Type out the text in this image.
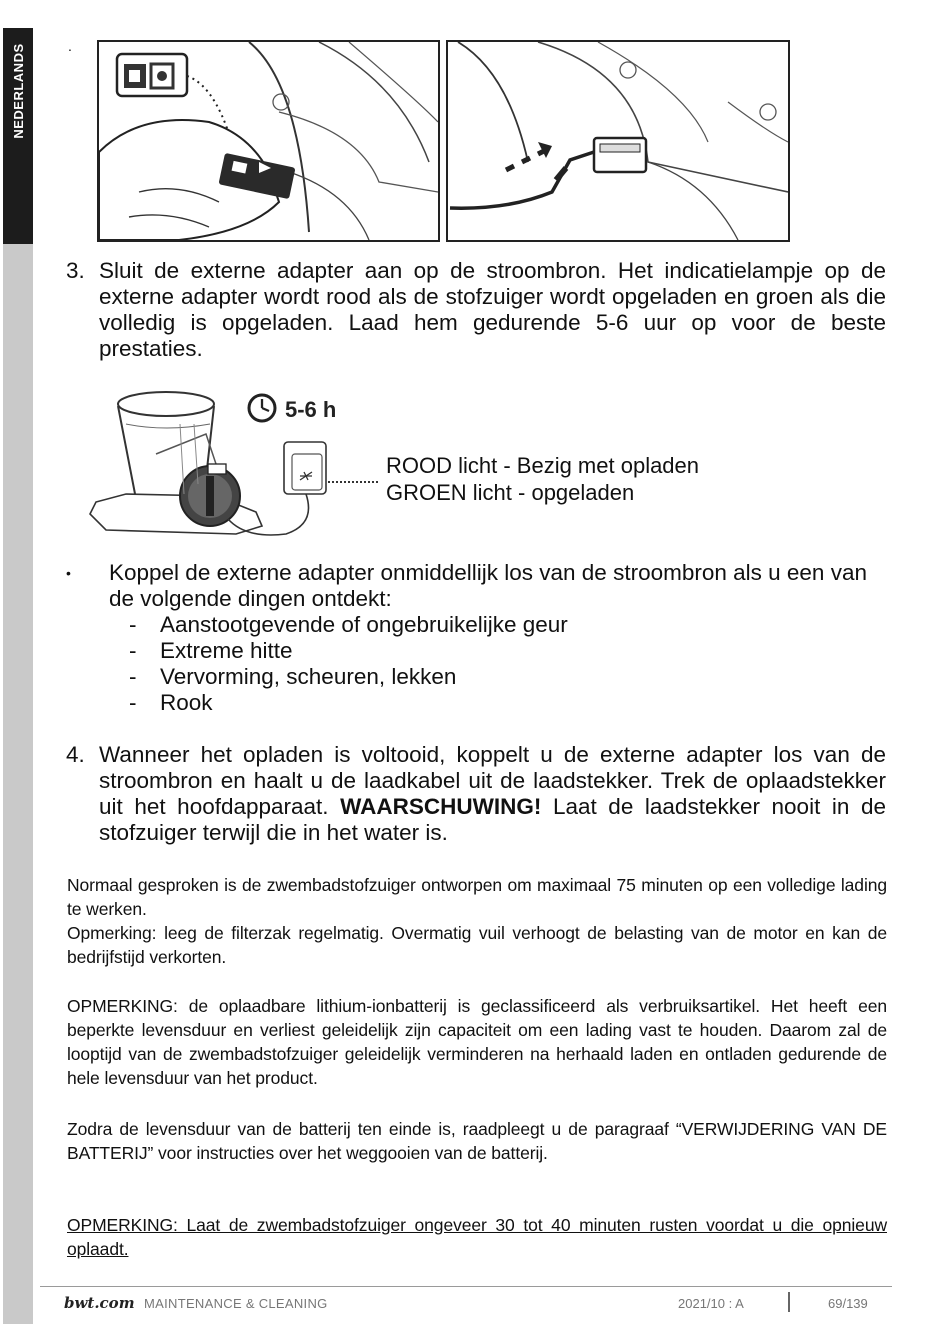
NEDERLANDS	.
3. Sluit de externe adapter aan op de stroombron. Het indicatielampje op de externe adapter wordt rood als de stofzuiger wordt opgeladen en groen als die volledig is opgeladen. Laad hem gedurende 5-6 uur op voor de beste prestaties.
5-6 h
ROOD licht - Bezig met opladen
GROEN licht - opgeladen
• Koppel de externe adapter onmiddellijk los van de stroombron als u een van de volgende dingen ontdekt:
- Aanstootgevende of ongebruikelijke geur
- Extreme hitte
- Vervorming, scheuren, lekken
- Rook
4. Wanneer het opladen is voltooid, koppelt u de externe adapter los van de stroombron en haalt u de laadkabel uit de laadstekker. Trek de oplaadstekker uit het hoofdapparaat. WAARSCHUWING! Laat de laadstekker nooit in de stofzuiger terwijl die in het water is.
Normaal gesproken is de zwembadstofzuiger ontworpen om maximaal 75 minuten op een volledige lading te werken.
Opmerking: leeg de filterzak regelmatig. Overmatig vuil verhoogt de belasting van de motor en kan de bedrijfstijd verkorten.
OPMERKING: de oplaadbare lithium-ionbatterij is geclassificeerd als verbruiksartikel. Het heeft een beperkte levensduur en verliest geleidelijk zijn capaciteit om een lading vast te houden. Daarom zal de looptijd van de zwembadstofzuiger geleidelijk verminderen na herhaald laden en ontladen gedurende de hele levensduur van het product.
Zodra de levensduur van de batterij ten einde is, raadpleegt u de paragraaf “VERWIJDERING VAN DE BATTERIJ” voor instructies over het weggooien van de batterij.
OPMERKING: Laat de zwembadstofzuiger ongeveer 30 tot 40 minuten rusten voordat u die opnieuw oplaadt.
bwt.com MAINTENANCE & CLEANING	2021/10 : A	69/139
